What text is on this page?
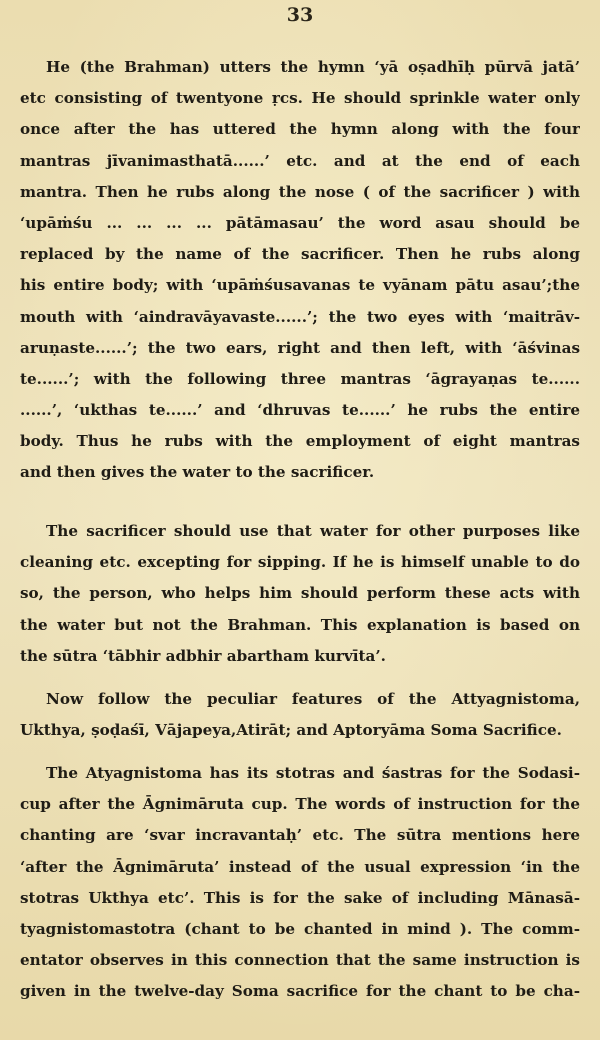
33
He (the Brahman) utters the hymn ‘yā oṣadhīḥ pūrvā jatā’
etc consisting of twentyone ṛcs. He should sprinkle water only
once after the has uttered the hymn along with the four
mantras jīvanimasthatā......’ etc. and at the end of each
mantra. Then he rubs along the nose ( of the sacrificer ) with
‘upāṁśu ... ... ... ... pātāmasau’ the word asau should be
replaced by the name of the sacrificer. Then he rubs along
his entire body; with ‘upāṁśusavanas te vyānam pātu asau’;the
mouth with ‘aindravāyavaste......’; the two eyes with ‘maitrāv-
aruṇaste......’; the two ears, right and then left, with ‘āśvinas
te......’; with the following three mantras ‘āgrayaṇas te......
......’, ‘ukthas te......’ and ‘dhruvas te......’ he rubs the entire
body. Thus he rubs with the employment of eight mantras
and then gives the water to the sacrificer.
The sacrificer should use that water for other purposes like
cleaning etc. excepting for sipping. If he is himself unable to do
so, the person, who helps him should perform these acts with
the water but not the Brahman. This explanation is based on
the sūtra ‘tābhir adbhir abartham kurvīta’.
Now follow the peculiar features of the Attyagnistoma,
Ukthya, ṣoḍaśī, Vājapeya,Atirāt; and Aptoryāma Soma Sacrifice.
The Atyagnistoma has its stotras and śastras for the Sodasi-
cup after the Āgnimāruta cup. The words of instruction for the
chanting are ‘svar incravantaḥ’ etc. The sūtra mentions here
‘after the Āgnimāruta’ instead of the usual expression ‘in the
stotras Ukthya etc’. This is for the sake of including Mānasā-
tyagnistomastotra (chant to be chanted in mind ). The comm-
entator observes in this connection that the same instruction is
given in the twelve-day Soma sacrifice for the chant to be cha-
